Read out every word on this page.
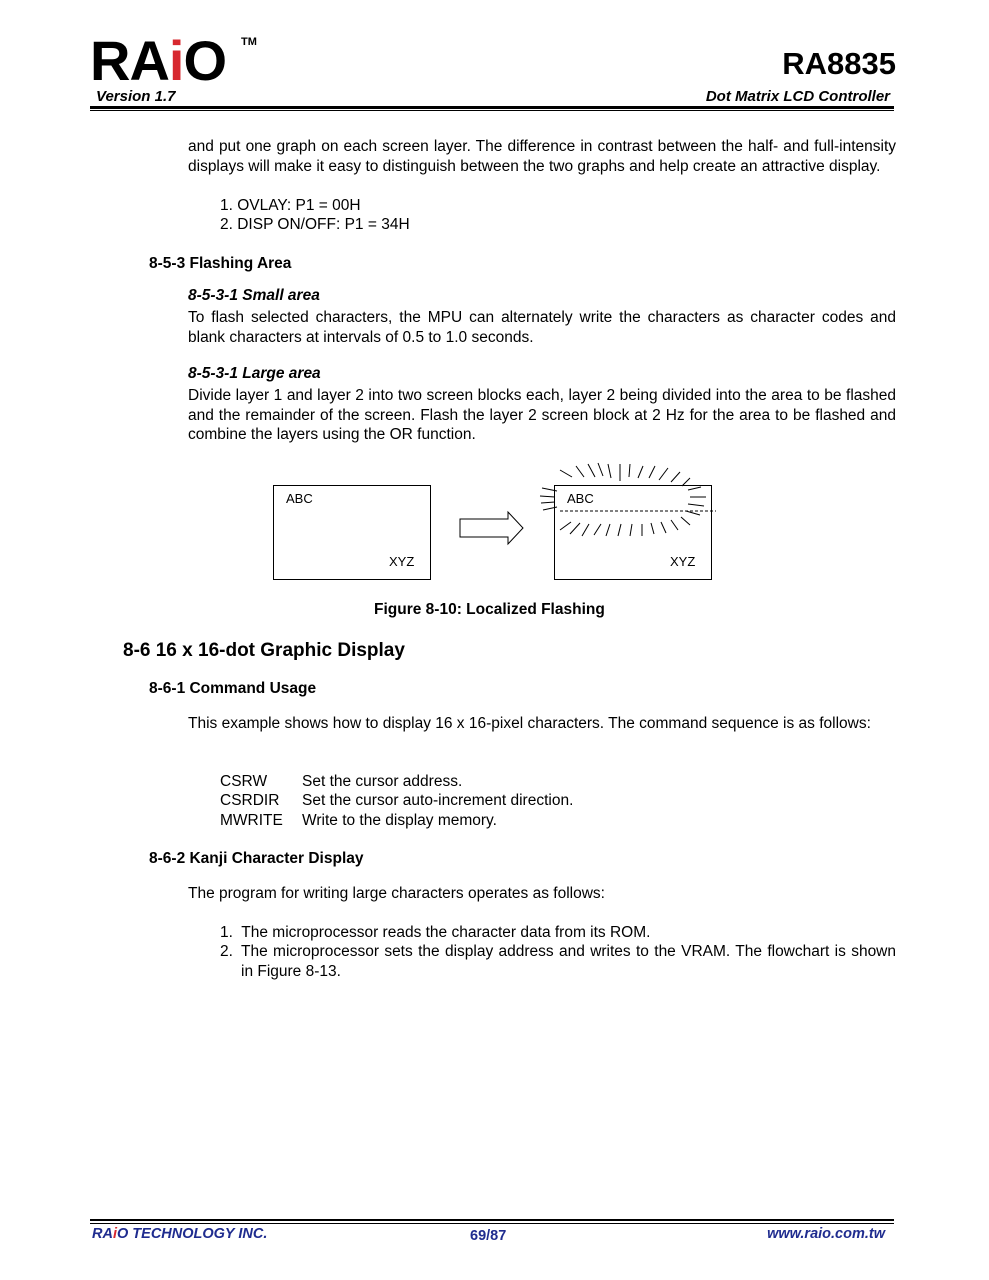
RAiO TM
RA8835
Version 1.7	Dot Matrix LCD Controller
and put one graph on each screen layer. The difference in contrast between the half- and full-intensity displays will make it easy to distinguish between the two graphs and help create an attractive display.
1. OVLAY: P1 = 00H
2. DISP ON/OFF: P1 = 34H
8-5-3 Flashing Area
8-5-3-1 Small area
To flash selected characters, the MPU can alternately write the characters as character codes and blank characters at intervals of 0.5 to 1.0 seconds.
8-5-3-1 Large area
Divide layer 1 and layer 2 into two screen blocks each, layer 2 being divided into the area to be flashed and the remainder of the screen. Flash the layer 2 screen block at 2 Hz for the area to be flashed and combine the layers using the OR function.
ABC
XYZ
ABC
XYZ
Figure 8-10: Localized Flashing
8-6 16 x 16-dot Graphic Display
8-6-1 Command Usage
This example shows how to display 16 x 16-pixel characters. The command sequence is as follows:
CSRW Set the cursor address.
CSRDIR Set the cursor auto-increment direction.
MWRITE Write to the display memory.
8-6-2 Kanji Character Display
The program for writing large characters operates as follows:
1. The microprocessor reads the character data from its ROM.
2. The microprocessor sets the display address and writes to the VRAM. The flowchart is shown in Figure 8-13.
RAiO TECHNOLOGY INC.	69/87	www.raio.com.tw
